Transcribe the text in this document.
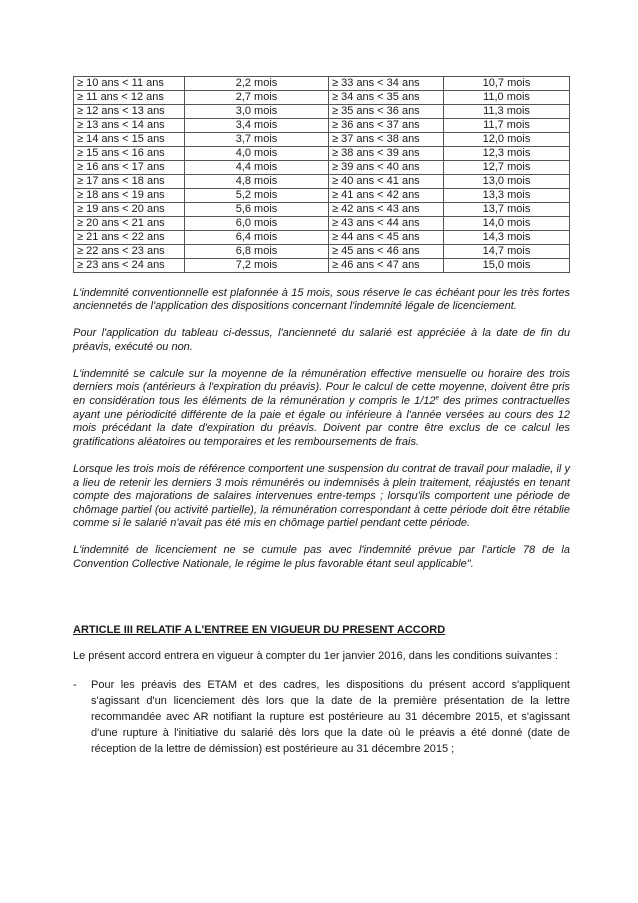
≥ 10 ans < 11 ans	2,2 mois	≥ 33 ans < 34 ans	10,7 mois
≥ 11 ans < 12 ans	2,7 mois	≥ 34 ans < 35 ans	11,0 mois
≥ 12 ans < 13 ans	3,0 mois	≥ 35 ans < 36 ans	11,3 mois
≥ 13 ans < 14 ans	3,4 mois	≥ 36 ans < 37 ans	11,7 mois
≥ 14 ans < 15 ans	3,7 mois	≥ 37 ans < 38 ans	12,0 mois
≥ 15 ans < 16 ans	4,0 mois	≥ 38 ans < 39 ans	12,3 mois
≥ 16 ans < 17 ans	4,4 mois	≥ 39 ans < 40 ans	12,7 mois
≥ 17 ans < 18 ans	4,8 mois	≥ 40 ans < 41 ans	13,0 mois
≥ 18 ans < 19 ans	5,2 mois	≥ 41 ans < 42 ans	13,3 mois
≥ 19 ans < 20 ans	5,6 mois	≥ 42 ans < 43 ans	13,7 mois
≥ 20 ans < 21 ans	6,0 mois	≥ 43 ans < 44 ans	14,0 mois
≥ 21 ans < 22 ans	6,4 mois	≥ 44 ans < 45 ans	14,3 mois
≥ 22 ans < 23 ans	6,8 mois	≥ 45 ans < 46 ans	14,7 mois
≥ 23 ans < 24 ans	7,2 mois	≥ 46 ans < 47 ans	15,0 mois

L'indemnité conventionnelle est plafonnée à 15 mois, sous réserve le cas échéant pour les très fortes anciennetés de l'application des dispositions concernant l'indemnité légale de licenciement.

Pour l'application du tableau ci-dessus, l'ancienneté du salarié est appréciée à la date de fin du préavis, exécuté ou non.

L'indemnité se calcule sur la moyenne de la rémunération effective mensuelle ou horaire des trois derniers mois (antérieurs à l'expiration du préavis). Pour le calcul de cette moyenne, doivent être pris en considération tous les éléments de la rémunération y compris le 1/12e des primes contractuelles ayant une périodicité différente de la paie et égale ou inférieure à l'année versées au cours des 12 mois précédant la date d'expiration du préavis. Doivent par contre être exclus de ce calcul les gratifications aléatoires ou temporaires et les remboursements de frais.

Lorsque les trois mois de référence comportent une suspension du contrat de travail pour maladie, il y a lieu de retenir les derniers 3 mois rémunérés ou indemnisés à plein traitement, réajustés en tenant compte des majorations de salaires intervenues entre-temps ; lorsqu'ils comportent une période de chômage partiel (ou activité partielle), la rémunération correspondant à cette période doit être rétablie comme si le salarié n'avait pas été mis en chômage partiel pendant cette période.

L'indemnité de licenciement ne se cumule pas avec l'indemnité prévue par l'article 78 de la Convention Collective Nationale, le régime le plus favorable étant seul applicable".

ARTICLE III RELATIF A L'ENTREE EN VIGUEUR DU PRESENT ACCORD

Le présent accord entrera en vigueur à compter du 1er janvier 2016, dans les conditions suivantes :

-	Pour les préavis des ETAM et des cadres, les dispositions du présent accord s'appliquent s'agissant d'un licenciement dès lors que la date de la première présentation de la lettre recommandée avec AR notifiant la rupture est postérieure au 31 décembre 2015, et s'agissant d'une rupture à l'initiative du salarié dès lors que la date où le préavis a été donné (date de réception de la lettre de démission) est postérieure au 31 décembre 2015 ;
